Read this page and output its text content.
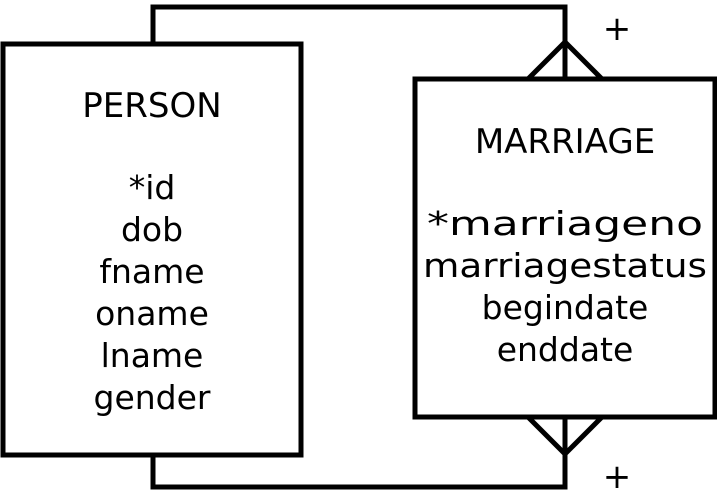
+
+
PERSON
*id
dob
fname
oname
lname
gender
MARRIAGE
*marriageno
marriagestatus
begindate
enddate
